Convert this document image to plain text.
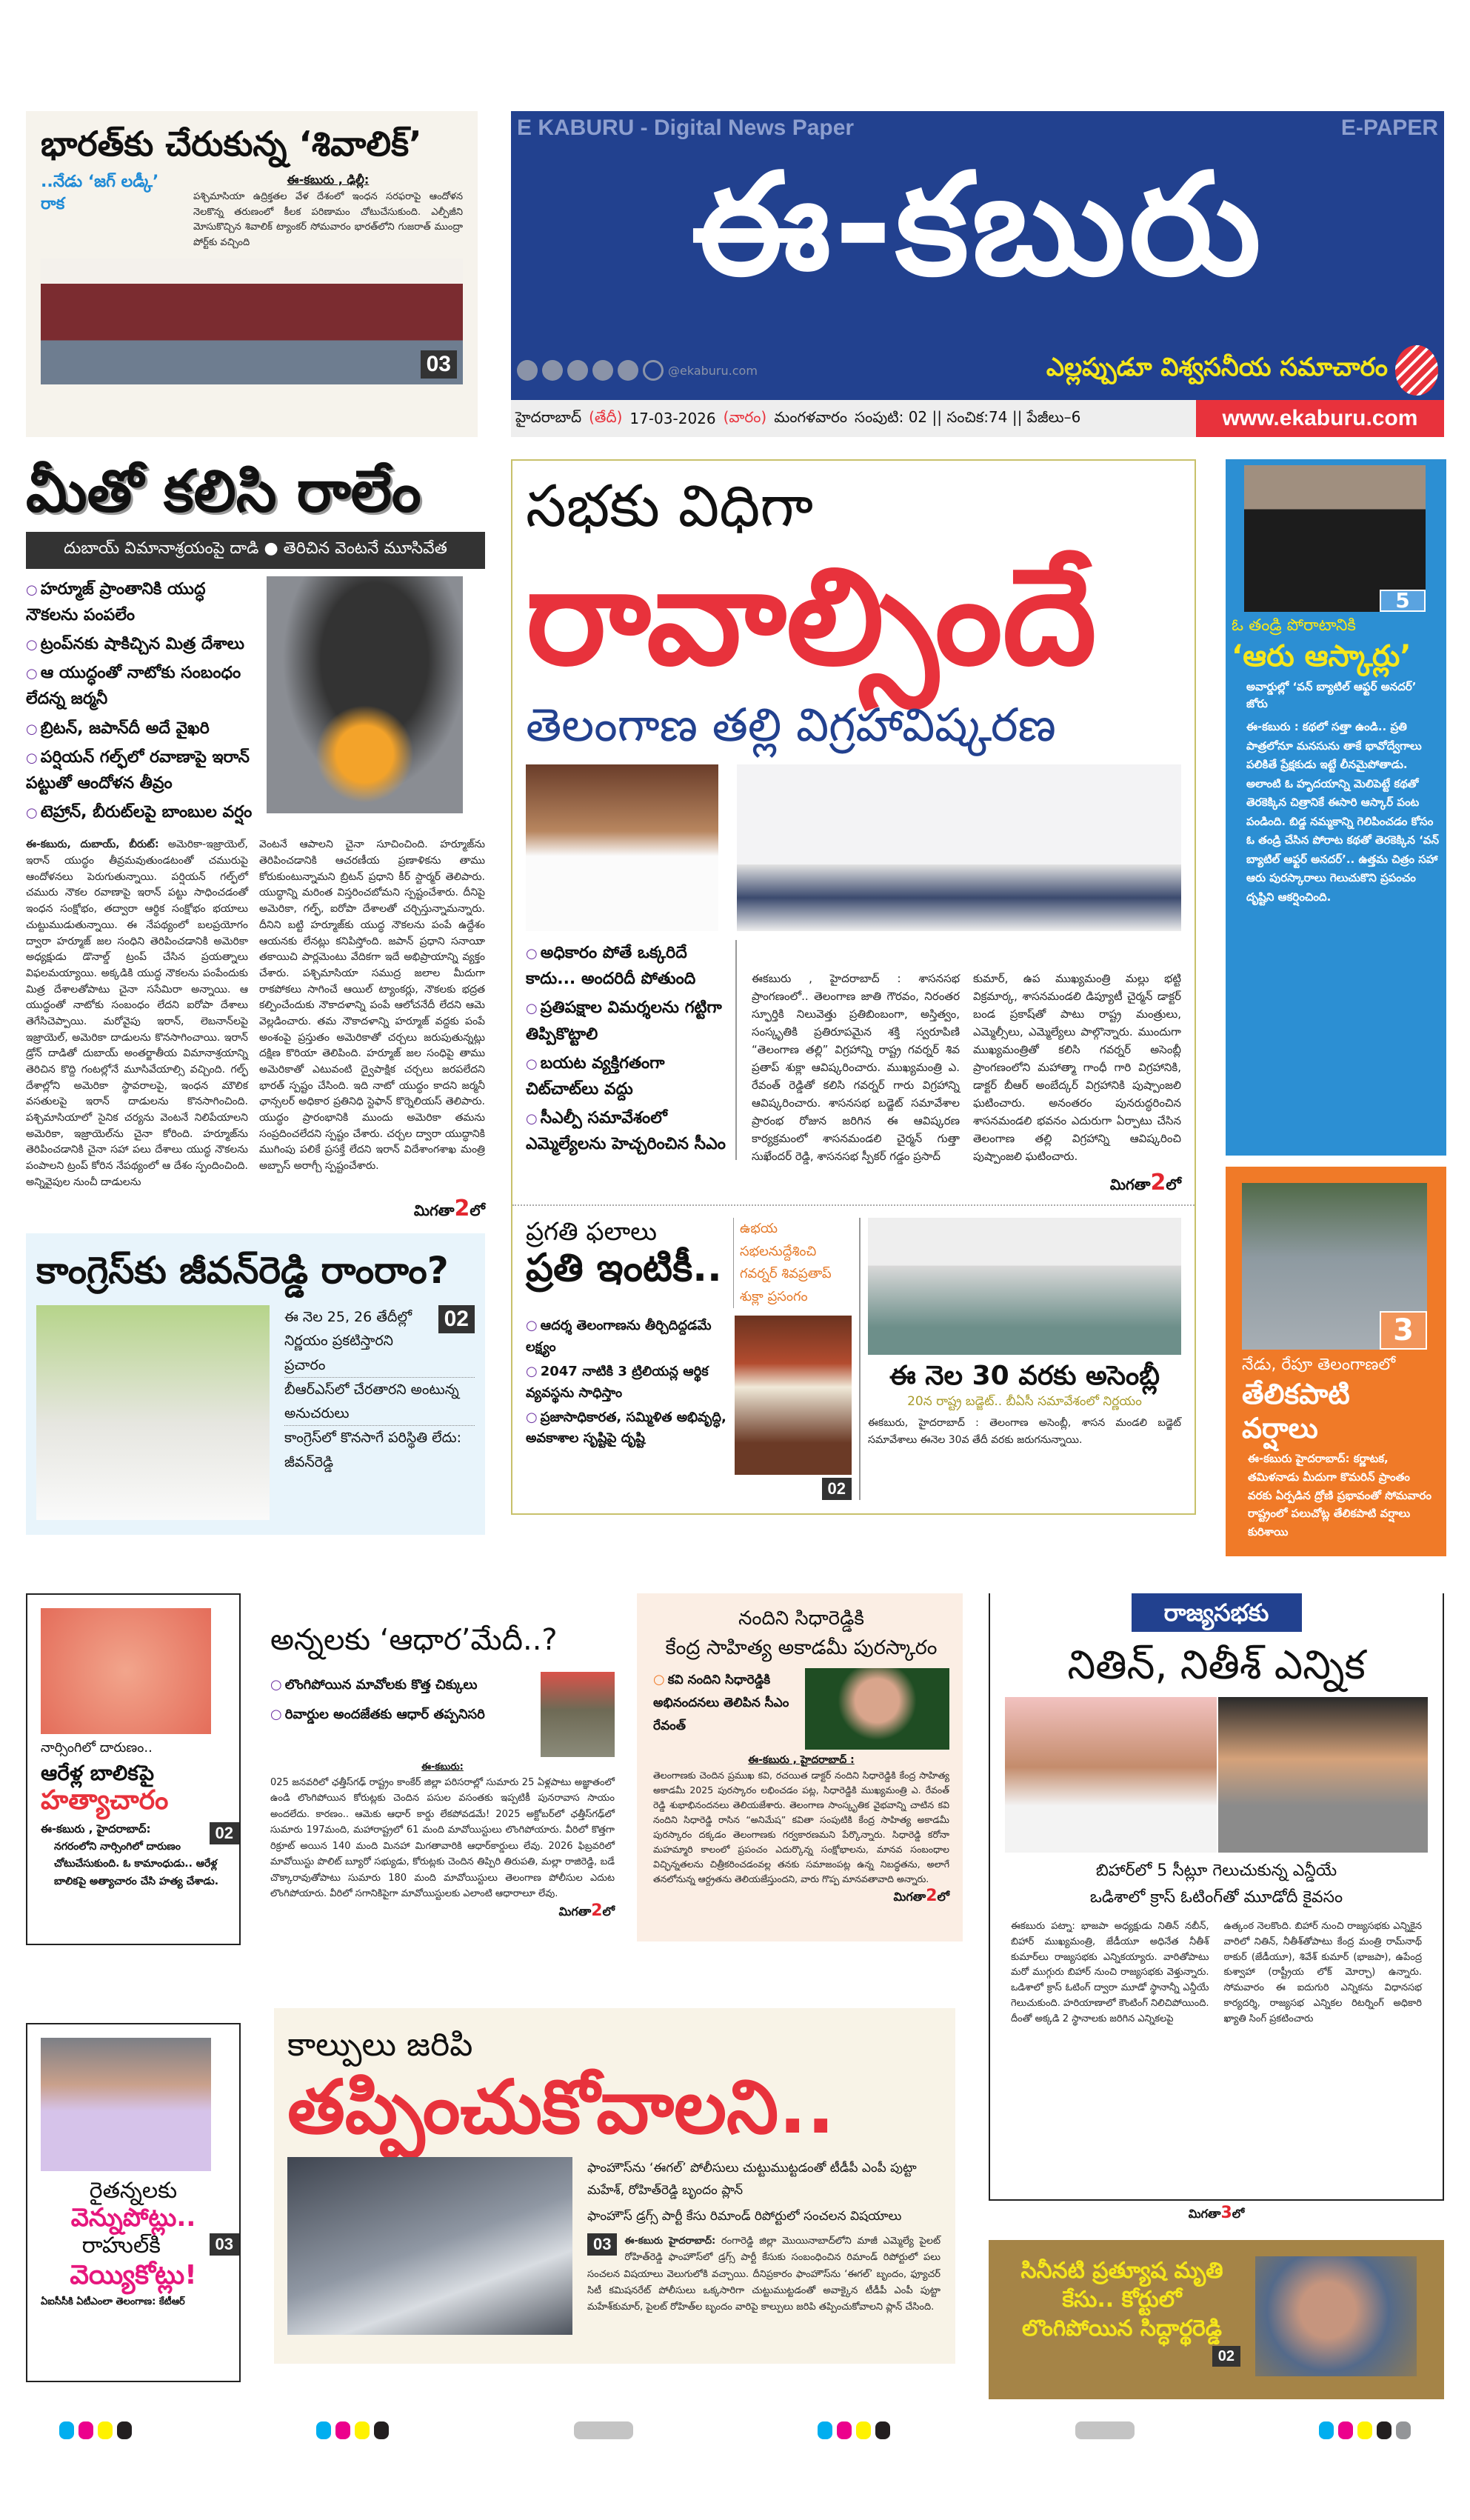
భారత్‌కు చేరుకున్న ‘శివాలిక్’
..నేడు ‘జగ్ లడ్కీ’ రాక
ఈ-కబురు , ఢిల్లీ:
పశ్చిమాసియా ఉద్రిక్తతల వేళ దేశంలో ఇంధన సరఫరాపై ఆందోళన నెలకొన్న తరుణంలో కీలక పరిణామం చోటుచేసుకుంది. ఎల్పీజీని మోసుకొచ్చిన శివాలిక్ ట్యాంకర్ సోమవారం భారత్‌లోని గుజరాత్ ముంద్రా పోర్ట్‌కు వచ్చింది
03
E KABURU - Digital News Paper	E-PAPER
ఈ-కబురు
@ekaburu.com	ఎల్లప్పుడూ విశ్వసనీయ సమాచారం
హైదరాబాద్ (తేదీ) 17-03-2026 (వారం) మంగళవారం సంపుటి: 02 || సంచిక:74 || పేజీలు–6	www.ekaburu.com
మీతో కలిసి రాలేం
దుబాయ్ విమానాశ్రయంపై దాడి ● తెరిచిన వెంటనే మూసివేత
○ హర్మూజ్ ప్రాంతానికి యుద్ధ నౌకలను పంపలేం
○ ట్రంప్‌నకు షాకిచ్చిన మిత్ర దేశాలు
○ ఆ యుద్ధంతో నాటోకు సంబంధం లేదన్న జర్మనీ
○ బ్రిటన్, జపాన్‌దీ అదే వైఖరి
○ పర్షియన్ గల్ఫ్‌లో రవాణాపై ఇరాన్ పట్టుతో ఆందోళన తీవ్రం
○ టెహ్రాన్, బీరుట్‌లపై బాంబుల వర్షం
ఈ-కబురు, దుబాయ్, బీరుట్: అమెరికా-ఇజ్రాయెల్, ఇరాన్ యుద్ధం తీవ్రమవుతుండటంతో చమురుపై ఆందోళనలు పెరుగుతున్నాయి. పర్షియన్ గల్ఫ్‌లో చమురు నౌకల రవాణాపై ఇరాన్ పట్టు సాధించడంతో ఇంధన సంక్షోభం, తద్వారా ఆర్థిక సంక్షోభం భయాలు చుట్టుముడుతున్నాయి. ఈ నేపథ్యంలో బలప్రయోగం ద్వారా హర్మూజ్ జల సంధిని తెరిపించడానికి అమెరికా అధ్యక్షుడు డొనాల్డ్ ట్రంప్ చేసిన ప్రయత్నాలు విఫలమయ్యాయి. అక్కడికి యుద్ధ నౌకలను పంపేందుకు మిత్ర దేశాలతోపాటు చైనా ససేమిరా అన్నాయి. ఆ యుద్ధంతో నాటోకు సంబంధం లేదని ఐరోపా దేశాలు తెగేసిచెప్పాయి. మరోవైపు ఇరాన్, లెబనాన్‌లపై ఇజ్రాయెల్, అమెరికా దాడులను కొనసాగించాయి. ఇరాన్ డ్రోన్ దాడితో దుబాయ్ అంతర్జాతీయ విమానాశ్రయాన్ని తెరిచిన కొద్ది గంటల్లోనే మూసివేయాల్సి వచ్చింది. గల్ఫ్ దేశాల్లోని అమెరికా స్థావరాలపై, ఇంధన మౌలిక వసతులపై ఇరాన్ దాడులను కొనసాగించింది. పశ్చిమాసియాలో సైనిక చర్యను వెంటనే నిలిపేయాలని అమెరికా, ఇజ్రాయెల్‌ను చైనా కోరింది. హర్మూజ్‌ను తెరిపించడానికి చైనా సహా పలు దేశాలు యుద్ధ నౌకలను పంపాలని ట్రంప్ కోరిన నేపథ్యంలో ఆ దేశం స్పందించింది. అన్నివైపుల నుంచీ దాడులను
వెంటనే ఆపాలని చైనా సూచించింది. హర్మూజ్‌ను తెరిపించడానికి ఆచరణీయ ప్రణాళికను తాము కోరుకుంటున్నామని బ్రిటన్ ప్రధాని కీర్ స్టార్మర్ తెలిపారు. యుద్ధాన్ని మరింత విస్తరించబోమని స్పష్టంచేశారు. దీనిపై అమెరికా, గల్ఫ్, ఐరోపా దేశాలతో చర్చిస్తున్నామన్నారు. దీనిని బట్టి హర్మూజ్‌కు యుద్ధ నౌకలను పంపే ఉద్దేశం ఆయనకు లేనట్లు కనిపిస్తోంది. జపాన్ ప్రధాని సనాయిా తకాయిచి పార్లమెంటు వేదికగా ఇదే అభిప్రాయాన్ని వ్యక్తం చేశారు. పశ్చిమాసియా సముద్ర జలాల మీదుగా రాకపోకలు సాగించే ఆయిల్ ట్యాంకర్లు, నౌకలకు భద్రత కల్పించేందుకు నౌకాదళాన్ని పంపే ఆలోచనేదీ లేదని ఆమె వెల్లడించారు. తమ నౌకాదళాన్ని హర్మూజ్ వద్దకు పంపే అంశంపై ప్రస్తుతం అమెరికాతో చర్చలు జరుపుతున్నట్లు దక్షిణ కొరియా తెలిపింది. హర్మూజ్ జల సంధిపై తాము అమెరికాతో ఎటువంటి ద్వైపాక్షిక చర్చలు జరపలేదని భారత్ స్పష్టం చేసింది. ఇది నాటో యుద్ధం కాదని జర్మనీ ఛాన్సలర్ అధికార ప్రతినిధి స్టెఫాన్ కొర్నెలియస్ తెలిపారు. యుద్ధం ప్రారంభానికి ముందు అమెరికా తమను సంప్రదించలేదని స్పష్టం చేశారు. చర్చల ద్వారా యుద్ధానికి ముగింపు పలికే ప్రసక్తే లేదని ఇరాన్ విదేశాంగశాఖ మంత్రి అబ్బాస్ అరాగ్చీ స్పష్టంచేశారు.
మిగతా2లో
కాంగ్రెస్‌కు జీవన్‌రెడ్డి రాంరాం?
02
ఈ నెల 25, 26 తేదీల్లో నిర్ణయం ప్రకటిస్తారని ప్రచారం
బీఆర్ఎస్‌లో చేరతారని అంటున్న అనుచరులు
కాంగ్రెస్‌లో కొనసాగే పరిస్థితి లేదు: జీవన్‌రెడ్డి
సభకు విధిగా
రావాల్సిందే
తెలంగాణ తల్లి విగ్రహావిష్కరణ
○ అధికారం పోతే ఒక్కరిదే కాదు... అందరిదీ పోతుంది
○ ప్రతిపక్షాల విమర్శలను గట్టిగా తిప్పికొట్టాలి
○ బయట వ్యక్తిగతంగా చిట్‌చాట్‌లు వద్దు
○ సీఎల్పీ సమావేశంలో ఎమ్మెల్యేలను హెచ్చరించిన సీఎం
ఈకబురు , హైదరాబాద్ : శాసనసభ ప్రాంగణంలో.. తెలంగాణ జాతి గౌరవం, నిరంతర స్ఫూర్తికి నిలువెత్తు ప్రతిబింబంగా, అస్తిత్వం, సంస్కృతికి ప్రతిరూపమైన శక్తి స్వరూపిణి “తెలంగాణ తల్లి” విగ్రహాన్ని రాష్ట్ర గవర్నర్ శివ ప్రతాప్ శుక్లా ఆవిష్కరించారు. ముఖ్యమంత్రి ఎ. రేవంత్ రెడ్డితో కలిసి గవర్నర్ గారు విగ్రహాన్ని ఆవిష్కరించారు. శాసనసభ బడ్జెట్ సమావేశాల ప్రారంభ రోజున జరిగిన ఈ ఆవిష్కరణ కార్యక్రమంలో శాసనమండలి చైర్మన్ గుత్తా సుఖేందర్ రెడ్డి, శాసనసభ స్పీకర్ గడ్డం ప్రసాద్
కుమార్, ఉప ముఖ్యమంత్రి మల్లు భట్టి విక్రమార్క, శాసనమండలి డిప్యూటీ చైర్మన్ డాక్టర్ బండ ప్రకాష్‌తో పాటు రాష్ట్ర మంత్రులు, ఎమ్మెల్సీలు, ఎమ్మెల్యేలు పాల్గొన్నారు. ముందుగా ముఖ్యమంత్రితో కలిసి గవర్నర్ అసెంబ్లీ ప్రాంగణంలోని మహాత్మా గాంధీ గారి విగ్రహానికి, డాక్టర్ బీఆర్ అంబేద్కర్ విగ్రహానికి పుష్పాంజలి ఘటించారు. అనంతరం పునరుద్ధరించిన శాసనమండలి భవనం ఎదురుగా ఏర్పాటు చేసిన తెలంగాణ తల్లి విగ్రహాన్ని ఆవిష్కరించి పుష్పాంజలి ఘటించారు.
మిగతా2లో
ప్రగతి ఫలాలు
ప్రతి ఇంటికీ..
ఉభయ సభలనుద్దేశించి గవర్నర్ శివప్రతాప్ శుక్లా ప్రసంగం
○ ఆదర్శ తెలంగాణను తీర్చిదిద్దడమే లక్ష్యం
○ 2047 నాటికి 3 ట్రిలియన్ల ఆర్థిక వ్యవస్థను సాధిస్తాం
○ ప్రజాసాధికారత, సమ్మిళిత అభివృద్ధి, అవకాశాల సృష్టిపై దృష్టి
02
ఈ నెల 30 వరకు అసెంబ్లీ
20న రాష్ట్ర బడ్జెట్.. బీఏసీ సమావేశంలో నిర్ణయం
ఈకబురు, హైదరాబాద్ : తెలంగాణ అసెంబ్లీ, శాసన మండలి బడ్జెట్ సమావేశాలు ఈనెల 30వ తేదీ వరకు జరుగనున్నాయి.
5
ఓ తండ్రి పోరాటానికి
‘ఆరు ఆస్కార్లు’
అవార్డుల్లో ‘వన్ బ్యాటిల్ ఆఫ్టర్ అనదర్’ జోరు
ఈ-కబురు : కథలో సత్తా ఉండి.. ప్రతి పాత్రలోనూ మనసును తాకే భావోద్వేగాలు పలికితే ప్రేక్షకుడు ఇట్టే లీనమైపోతాడు. అలాంటి ఓ హృదయాన్ని మెలిపెట్టే కథతో తెరకెక్కిన చిత్రానికే ఈసారి ఆస్కార్ పంట పండింది. బిడ్డ నమ్మకాన్ని గెలిపించడం కోసం ఓ తండ్రి చేసిన పోరాట కథతో తెరకెక్కిన ‘వన్ బ్యాటిల్ ఆఫ్టర్ అనదర్’.. ఉత్తమ చిత్రం సహా ఆరు పురస్కారాలు గెలుచుకొని ప్రపంచం దృష్టిని ఆకర్షించింది.
3
నేడు, రేపూ తెలంగాణలో
తేలికపాటి వర్షాలు
ఈ-కబురు హైదరాబాద్: కర్ణాటక, తమిళనాడు మీదుగా కొమరిన్ ప్రాంతం వరకు ఏర్పడిన ద్రోణి ప్రభావంతో సోమవారం రాష్ట్రంలో పలుచోట్ల తేలికపాటి వర్షాలు కురిశాయి
నార్సింగిలో దారుణం..
ఆరేళ్ల బాలికపై
హత్యాచారం
02
ఈ-కబురు , హైదరాబాద్:
నగరంలోని నార్సింగిలో దారుణం చోటుచేసుకుంది. ఓ కామాంధుడు.. ఆరేళ్ల బాలికపై అత్యాచారం చేసి హత్య చేశాడు.
రైతన్నలకు
వెన్నుపోట్లు..
03
రాహుల్‌కి
వెయ్యికోట్లు!
ఏఐసీసీకి ఏటీఎంలా తెలంగాణ: కేటీఆర్
అన్నలకు ‘ఆధార’మేదీ..?
○ లొంగిపోయిన మావోలకు కొత్త చిక్కులు
○ రివార్డుల అందజేతకు ఆధార్ తప్పనిసరి
ఈ-కబురు:
025 జనవరిలో ఛత్తీస్‌గఢ్ రాష్ట్రం కాంకేర్ జిల్లా పరిసరాల్లో సుమారు 25 ఏళ్లపాటు అజ్ఞాతంలో ఉండి లొంగిపోయిన కోరుట్లకు చెందిన పసుల వసంతకు ఇప్పటికీ పునరావాస సాయం అందలేదు. కారణం.. ఆమెకు ఆధార్ కార్డు లేకపోవడమే! 2025 అక్టోబర్‌లో ఛత్తీస్‌గఢ్‌లో సుమారు 197మంది, మహారాష్ట్రలో 61 మంది మావోయిస్టులు లొంగిపోయారు. వీరిలో కొత్తగా రిక్రూట్ అయిన 140 మంది మినహా మిగతావారికి ఆధార్‌కార్డులు లేవు. 2026 ఫిబ్రవరిలో మావోయిస్టు పొలిట్ బ్యూరో సభ్యుడు, కోరుట్లకు చెందిన తిప్పిరి తిరుపతి, మల్లా రాజిరెడ్డి, బడే చొక్కారావుతోపాటు సుమారు 180 మంది మావోయిస్టులు తెలంగాణ పోలీసుల ఎదుట లొంగిపోయారు. వీరిలో సగానికిపైగా మావోయిస్టులకు ఎలాంటి ఆధారాలూ లేవు.
మిగతా2లో
నందిని సిధారెడ్డికి
కేంద్ర సాహిత్య అకాడమీ పురస్కారం
○ కవి నందిని సిధారెడ్డికి అభినందనలు తెలిపిన సీఎం రేవంత్
ఈ-కబురు , హైదరాబాద్ :
తెలంగాణకు చెందిన ప్రముఖ కవి, రచయిత డాక్టర్ నందిని సిధారెడ్డికి కేంద్ర సాహిత్య అకాడమీ 2025 పురస్కారం లభించడం పట్ల, సిధారెడ్డికి ముఖ్యమంత్రి ఎ. రేవంత్ రెడ్డి శుభాభినందనలు తెలియజేశారు. తెలంగాణ సాంస్కృతిక వైభవాన్ని చాటిన కవి నందిని సిధారెడ్డి రాసిన “అనిమేష” కవితా సంపుటికి కేంద్ర సాహిత్య అకాడమీ పురస్కారం దక్కడం తెలంగాణకు గర్వకారణమని పేర్కొన్నారు. సిధారెడ్డి కరోనా మహమ్మారి కాలంలో ప్రపంచం ఎదుర్కొన్న సంక్షోభాలను, మానవ సంబంధాల విచ్ఛిన్నతలను చిత్రీకరించడంవల్ల తనకు సమాజంపట్ల ఉన్న నిబద్ధతను, అలాగే తనలోనున్న ఆర్ద్రతను తెలియజేస్తుందని, వారు గొప్ప మానవతావాది అన్నారు.
మిగతా2లో
కాల్పులు జరిపి
తప్పించుకోవాలని..
ఫాంహౌస్‌ను ‘ఈగల్’ పోలీసులు చుట్టుముట్టడంతో టీడీపీ ఎంపీ పుట్టా మహేశ్, రోహిత్‌రెడ్డి బృందం ప్లాన్
ఫాంహౌస్ డ్రగ్స్ పార్టీ కేసు రిమాండ్ రిపోర్టులో సంచలన విషయాలు
03	ఈ-కబురు హైదరాబాద్: రంగారెడ్డి జిల్లా మొయినాబాద్‌లోని మాజీ ఎమ్మెల్యే పైలట్ రోహిత్‌రెడ్డి ఫాంహౌస్‌లో డ్రగ్స్ పార్టీ కేసుకు సంబంధించిన రిమాండ్ రిపోర్టులో పలు సంచలన విషయాలు వెలుగులోకి వచ్చాయి. దీనిప్రకారం ఫాంహౌస్‌ను ‘ఈగల్’ బృందం, ఫ్యూచర్ సిటీ కమిషనరేట్ పోలీసులు ఒక్కసారిగా చుట్టుముట్టడంతో అవాక్కైన టీడీపీ ఎంపీ పుట్టా మహేశ్‌కుమార్, పైలట్ రోహిత్‌ల బృందం వారిపై కాల్పులు జరిపి తప్పించుకోవాలని ప్లాన్ చేసింది.
రాజ్యసభకు
నితిన్, నితీశ్ ఎన్నిక
బిహార్‌లో 5 సీట్లూ గెలుచుకున్న ఎన్డీయే
ఒడిశాలో క్రాస్ ఓటింగ్‌తో మూడోదీ కైవసం
ఈకబురు పట్నా: భాజపా అధ్యక్షుడు నితిన్ నబీన్, బిహార్ ముఖ్యమంత్రి, జేడీయూ అధినేత నీతీశ్ కుమార్‌లు రాజ్యసభకు ఎన్నికయ్యారు. వారితోపాటు మరో ముగ్గురు బిహార్ నుంచి రాజ్యసభకు వెళ్తున్నారు. ఒడిశాలో క్రాస్ ఓటింగ్ ద్వారా మూడో స్థానాన్నీ ఎన్డీయే గెలుచుకుంది. హరియాణాలో కౌంటింగ్ నిలిచిపోయింది. దీంతో అక్కడి 2 స్థానాలకు జరిగిన ఎన్నికలపై
ఉత్కంఠ నెలకొంది. బిహార్ నుంచి రాజ్యసభకు ఎన్నికైన వారిలో నితిన్, నీతీశ్‌తోపాటు కేంద్ర మంత్రి రామ్‌నాథ్ ఠాకుర్ (జేడీయూ), శివేశ్ కుమార్ (భాజపా), ఉపేంద్ర కుశ్వాహా (రాష్ట్రీయ లోక్ మోర్చా) ఉన్నారు. సోమవారం ఈ ఐదుగురి ఎన్నికను విధానసభ కార్యదర్శి, రాజ్యసభ ఎన్నికల రిటర్నింగ్ అధికారి ఖ్యాతి సింగ్ ప్రకటించారు
మిగతా3లో
సినీనటి ప్రత్యూష మృతి కేసు.. కోర్టులో లొంగిపోయిన సిద్ధార్థరెడ్డి
02
